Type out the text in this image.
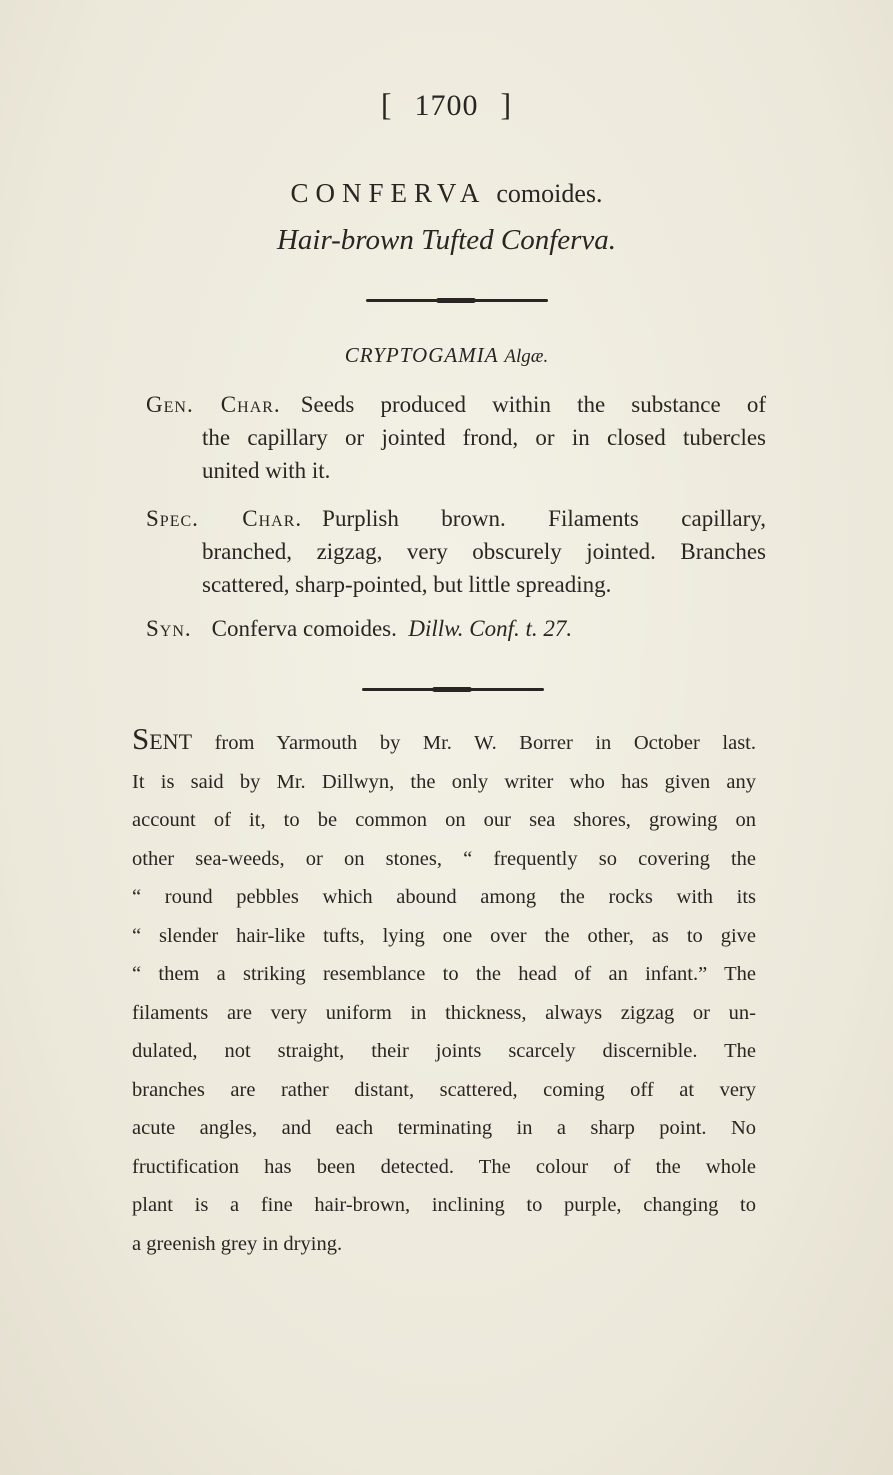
[ 1700 ]
CONFERVA comoides.
Hair-brown Tufted Conferva.
CRYPTOGAMIA Algæ.
Gen. Char. Seeds produced within the substance of
the capillary or jointed frond, or in closed tubercles
united with it.
Spec. Char. Purplish brown. Filaments capillary,
branched, zigzag, very obscurely jointed. Branches
scattered, sharp-pointed, but little spreading.
Syn. Conferva comoides. Dillw. Conf. t. 27.
Sent from Yarmouth by Mr. W. Borrer in October last.
It is said by Mr. Dillwyn, the only writer who has given any
account of it, to be common on our sea shores, growing on
other sea-weeds, or on stones, “ frequently so covering the
“ round pebbles which abound among the rocks with its
“ slender hair-like tufts, lying one over the other, as to give
“ them a striking resemblance to the head of an infant.” The
filaments are very uniform in thickness, always zigzag or un-
dulated, not straight, their joints scarcely discernible. The
branches are rather distant, scattered, coming off at very
acute angles, and each terminating in a sharp point. No
fructification has been detected. The colour of the whole
plant is a fine hair-brown, inclining to purple, changing to
a greenish grey in drying.
